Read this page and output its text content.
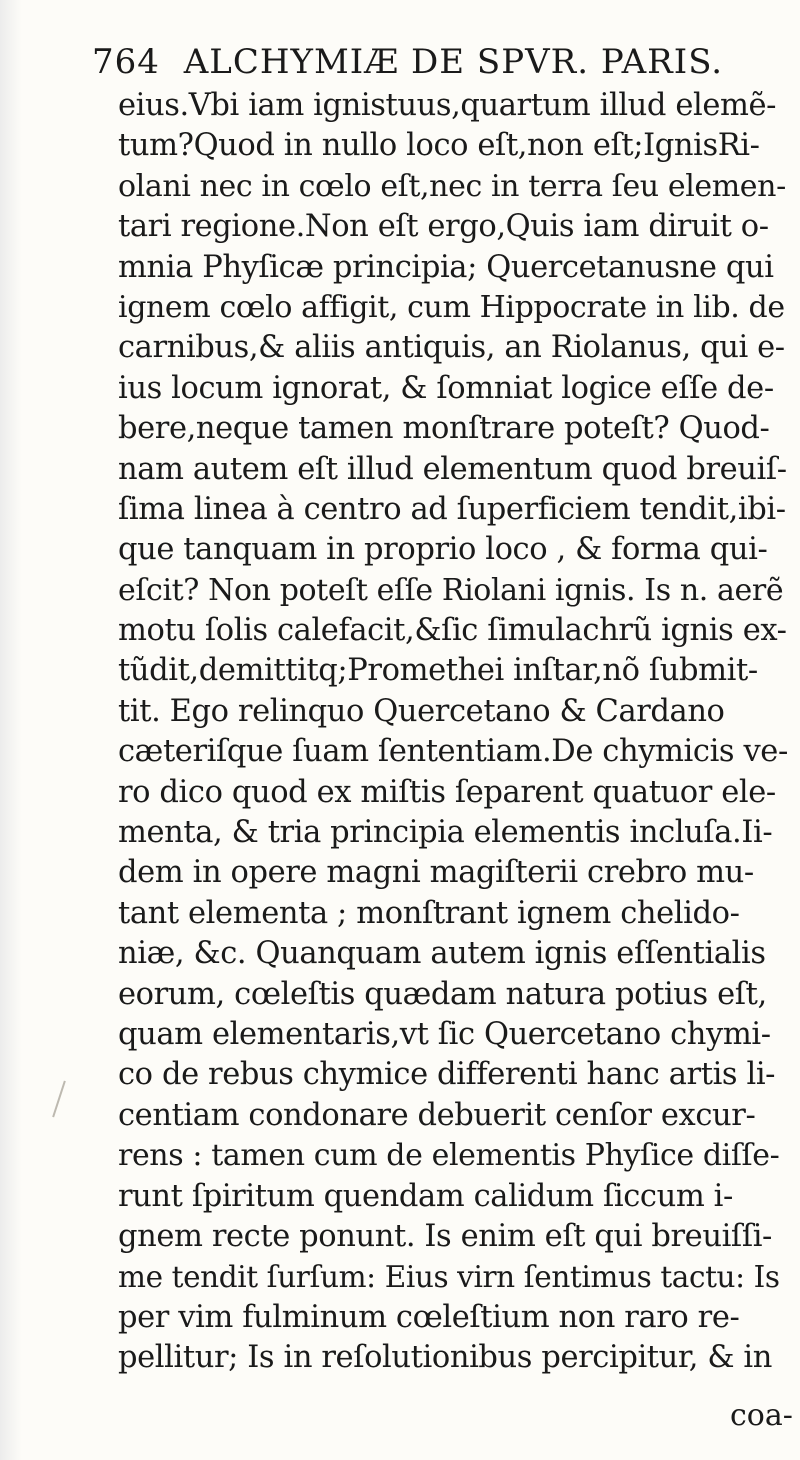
764 ALCHYMIÆ DE SPVR. PARIS.
eius.Vbi iam ignistuus,quartum illud elemẽ-
tum?Quod in nullo loco eſt,non eſt;IgnisRi-
olani nec in cœlo eſt,nec in terra ſeu elemen-
tari regione.Non eſt ergo,Quis iam diruit o-
mnia Phyſicæ principia; Quercetanusne qui
ignem cœlo affigit, cum Hippocrate in lib. de
carnibus,& aliis antiquis, an Riolanus, qui e-
ius locum ignorat, & ſomniat logice eſſe de-
bere,neque tamen monſtrare poteſt? Quod-
nam autem eſt illud elementum quod breuiſ-
ſima linea à centro ad ſuperficiem tendit,ibi-
que tanquam in proprio loco , & forma qui-
eſcit? Non poteſt eſſe Riolani ignis. Is n. aerẽ
motu ſolis calefacit,&ſic ſimulachrũ ignis ex-
tũdit,demittitq;Promethei inſtar,nõ ſubmit-
tit. Ego relinquo Quercetano & Cardano
cæteriſque ſuam ſententiam.De chymicis ve-
ro dico quod ex miſtis ſeparent quatuor ele-
menta, & tria principia elementis incluſa.Ii-
dem in opere magni magiſterii crebro mu-
tant elementa ; monſtrant ignem chelido-
niæ, &c. Quanquam autem ignis eſſentialis
eorum, cœleſtis quædam natura potius eſt,
quam elementaris,vt ſic Quercetano chymi-
co de rebus chymice differenti hanc artis li-
centiam condonare debuerit cenſor excur-
rens : tamen cum de elementis Phyſice diſſe-
runt ſpiritum quendam calidum ſiccum i-
gnem recte ponunt. Is enim eſt qui breuiſſi-
me tendit ſurſum: Eius virn ſentimus tactu: Is
per vim fulminum cœleſtium non raro re-
pellitur; Is in reſolutionibus percipitur, & in
coa-
